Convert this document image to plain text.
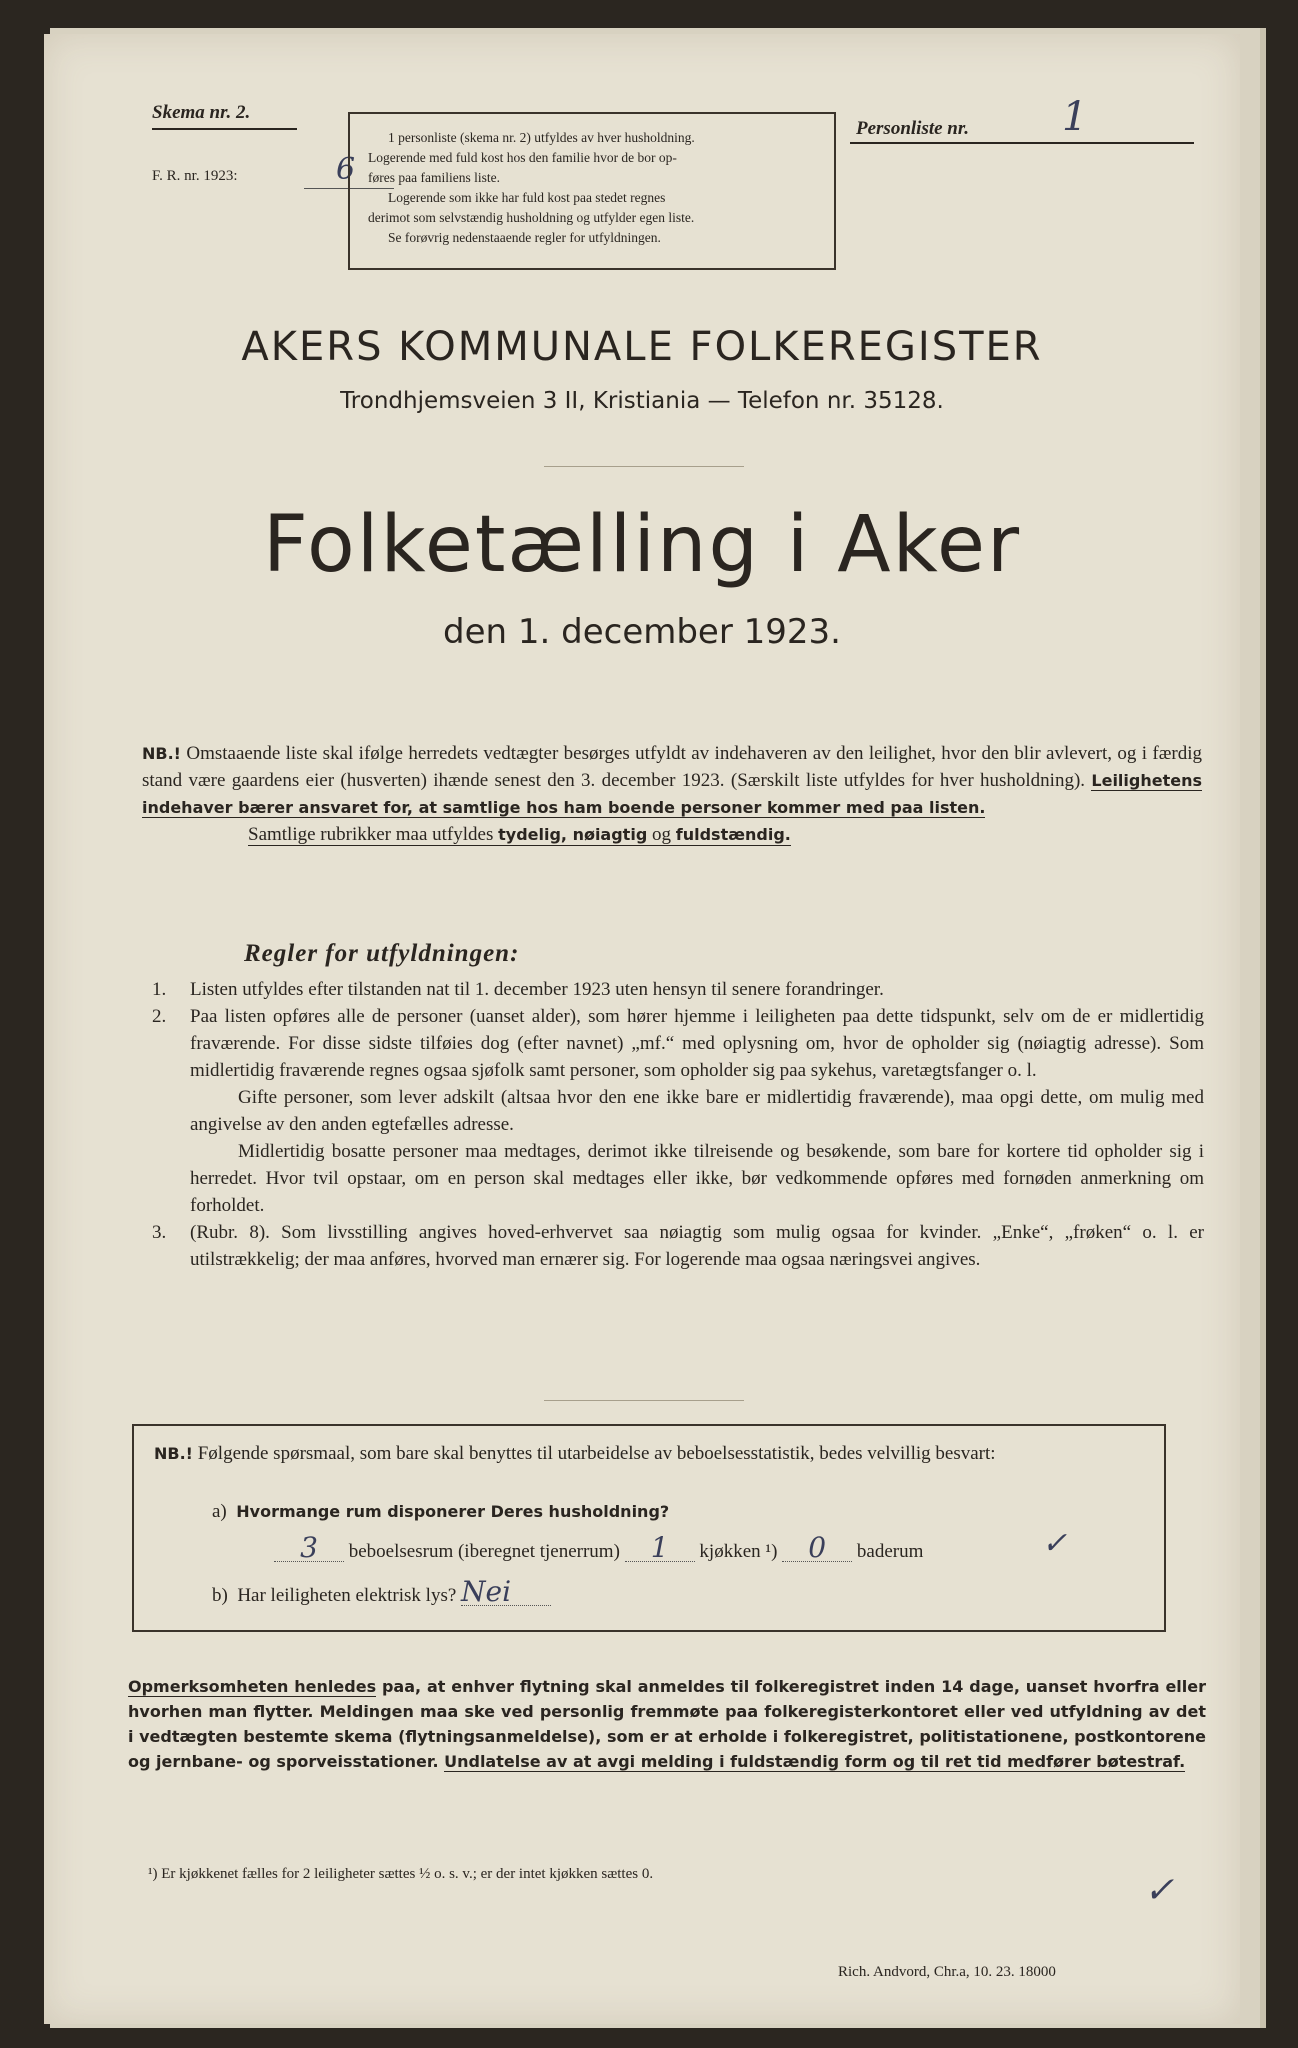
Skema nr. 2.
F. R. nr. 1923:	6

1 personliste (skema nr. 2) utfyldes av hver husholdning.

Logerende med fuld kost hos den familie hvor de bor op-

føres paa familiens liste.

Logerende som ikke har fuld kost paa stedet regnes

derimot som selvstændig husholdning og utfylder egen liste.

Se forøvrig nedenstaaende regler for utfyldningen.

Personliste nr. 1
AKERS KOMMUNALE FOLKEREGISTER
Trondhjemsveien 3 II, Kristiania — Telefon nr. 35128.
Folketælling i Aker
den 1. december 1923.
NB.! Omstaaende liste skal ifølge herredets vedtægter besørges utfyldt av indehaveren av den leilighet, hvor den blir avlevert, og i færdig stand være gaardens eier (husverten) ihænde senest den 3. december 1923. (Særskilt liste utfyldes for hver husholdning). Leilighetens indehaver bærer ansvaret for, at samtlige hos ham boende personer kommer med paa listen.
Samtlige rubrikker maa utfyldes tydelig, nøiagtig og fuldstændig.
Regler for utfyldningen:
1.	Listen utfyldes efter tilstanden nat til 1. december 1923 uten hensyn til senere forandringer.
2.	Paa listen opføres alle de personer (uanset alder), som hører hjemme i leiligheten paa dette tidspunkt, selv om de er midlertidig fraværende. For disse sidste tilføies dog (efter navnet) „mf.“ med oplysning om, hvor de opholder sig (nøiagtig adresse). Som midlertidig fraværende regnes ogsaa sjøfolk samt personer, som opholder sig paa sykehus, varetægtsfanger o. l.

Gifte personer, som lever adskilt (altsaa hvor den ene ikke bare er midlertidig fraværende), maa opgi dette, om mulig med angivelse av den anden egtefælles adresse.

Midlertidig bosatte personer maa medtages, derimot ikke tilreisende og besøkende, som bare for kortere tid opholder sig i herredet. Hvor tvil opstaar, om en person skal medtages eller ikke, bør vedkommende opføres med fornøden anmerkning om forholdet.

3.	(Rubr. 8). Som livsstilling angives hoved-erhvervet saa nøiagtig som mulig ogsaa for kvinder. „Enke“, „frøken“ o. l. er utilstrækkelig; der maa anføres, hvorved man ernærer sig. For logerende maa ogsaa næringsvei angives.
NB.! Følgende spørsmaal, som bare skal benyttes til utarbeidelse av beboelsesstatistik, bedes velvillig besvart:
a) Hvormange rum disponerer Deres husholdning?
3 beboelsesrum (iberegnet tjenerrum) 1 kjøkken ¹) 0 baderum	✓
b) Har leiligheten elektrisk lys? Nei
Opmerksomheten henledes paa, at enhver flytning skal anmeldes til folkeregistret inden 14 dage, uanset hvorfra eller hvorhen man flytter. Meldingen maa ske ved personlig fremmøte paa folkeregisterkontoret eller ved utfyldning av det i vedtægten bestemte skema (flytningsanmeldelse), som er at erholde i folkeregistret, politistationene, postkontorene og jernbane- og sporveisstationer. Undlatelse av at avgi melding i fuldstændig form og til ret tid medfører bøtestraf.
¹) Er kjøkkenet fælles for 2 leiligheter sættes ½ o. s. v.; er der intet kjøkken sættes 0.	✓
Rich. Andvord, Chr.a, 10. 23. 18000
